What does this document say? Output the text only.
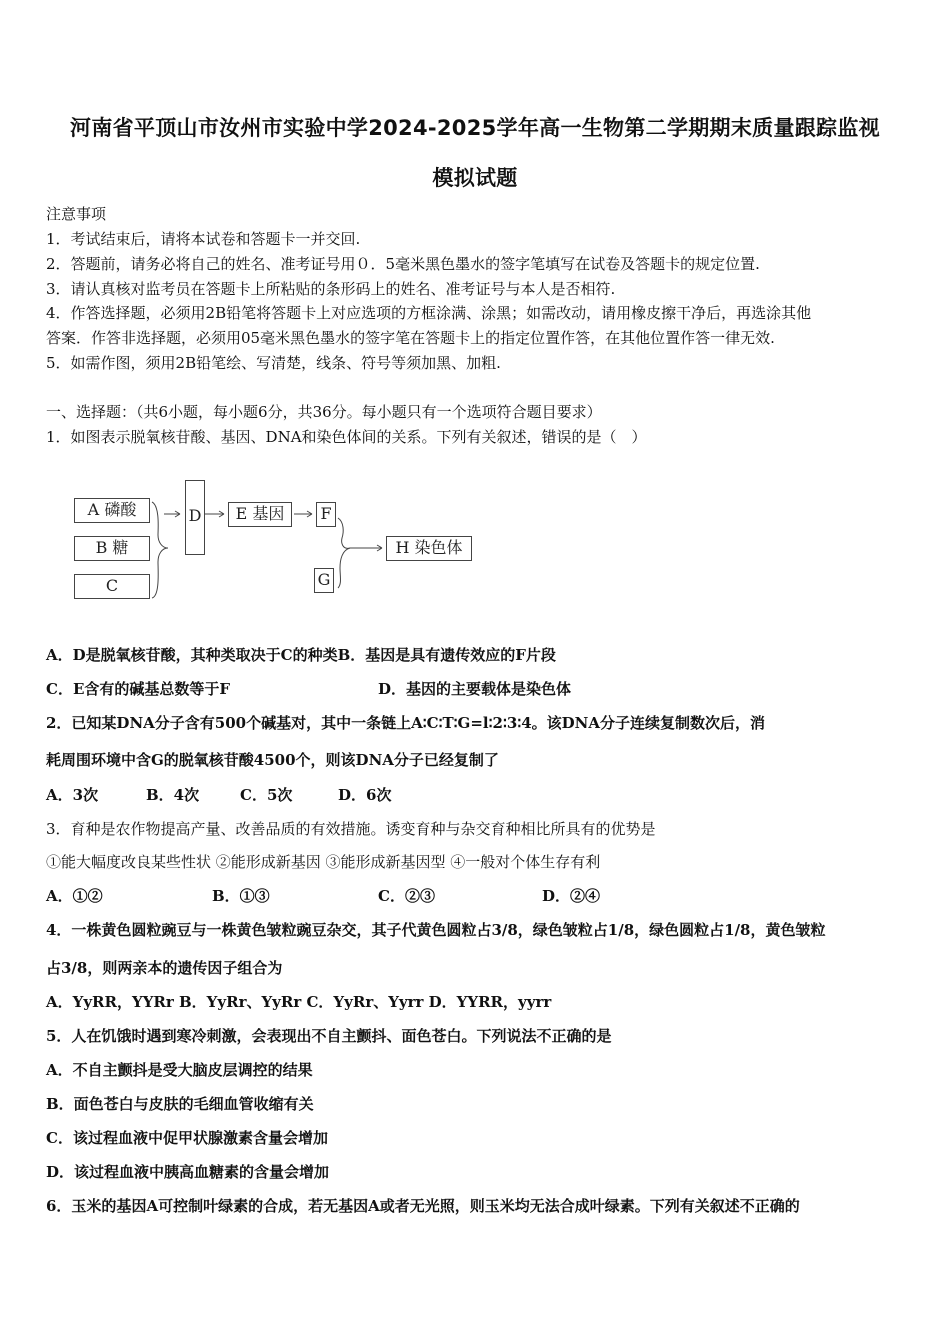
河南省平顶山市汝州市实验中学2024-2025学年高一生物第二学期期末质量跟踪监视
模拟试题
注意事项
1．考试结束后，请将本试卷和答题卡一并交回.
2．答题前，请务必将自己的姓名、准考证号用０．5毫米黑色墨水的签字笔填写在试卷及答题卡的规定位置.
3．请认真核对监考员在答题卡上所粘贴的条形码上的姓名、准考证号与本人是否相符.
4．作答选择题，必须用2B铅笔将答题卡上对应选项的方框涂满、涂黑；如需改动，请用橡皮擦干净后，再选涂其他
答案．作答非选择题，必须用05毫米黑色墨水的签字笔在答题卡上的指定位置作答，在其他位置作答一律无效.
5．如需作图，须用2B铅笔绘、写清楚，线条、符号等须加黑、加粗.
一、选择题：（共6小题，每小题6分，共36分。每小题只有一个选项符合题目要求）
1．如图表示脱氧核苷酸、基因、DNA和染色体间的关系。下列有关叙述，错误的是（　）
A 磷酸
B 糖
C
D	E 基因	F
G
H 染色体
A．D是脱氧核苷酸，其种类取决于C的种类B．基因是具有遗传效应的F片段
C．E含有的碱基总数等于F	D．基因的主要载体是染色体
2．已知某DNA分子含有500个碱基对，其中一条链上A∶C∶T∶G=l∶2∶3∶4。该DNA分子连续复制数次后，消
耗周围环境中含G的脱氧核苷酸4500个，则该DNA分子已经复制了
A．3次	B．4次	C．5次	D．6次
3．育种是农作物提高产量、改善品质的有效措施。诱变育种与杂交育种相比所具有的优势是
①能大幅度改良某些性状 ②能形成新基因 ③能形成新基因型 ④一般对个体生存有利
A．①②	B．①③	C．②③	D．②④
4．一株黄色圆粒豌豆与一株黄色皱粒豌豆杂交，其子代黄色圆粒占3/8，绿色皱粒占1/8，绿色圆粒占1/8，黄色皱粒
占3/8，则两亲本的遗传因子组合为
A．YyRR，YYRr B．YyRr、YyRr C．YyRr、Yyrr D．YYRR，yyrr
5．人在饥饿时遇到寒冷刺激，会表现出不自主颤抖、面色苍白。下列说法不正确的是
A．不自主颤抖是受大脑皮层调控的结果
B．面色苍白与皮肤的毛细血管收缩有关
C．该过程血液中促甲状腺激素含量会增加
D．该过程血液中胰高血糖素的含量会增加
6．玉米的基因A可控制叶绿素的合成，若无基因A或者无光照，则玉米均无法合成叶绿素。下列有关叙述不正确的
